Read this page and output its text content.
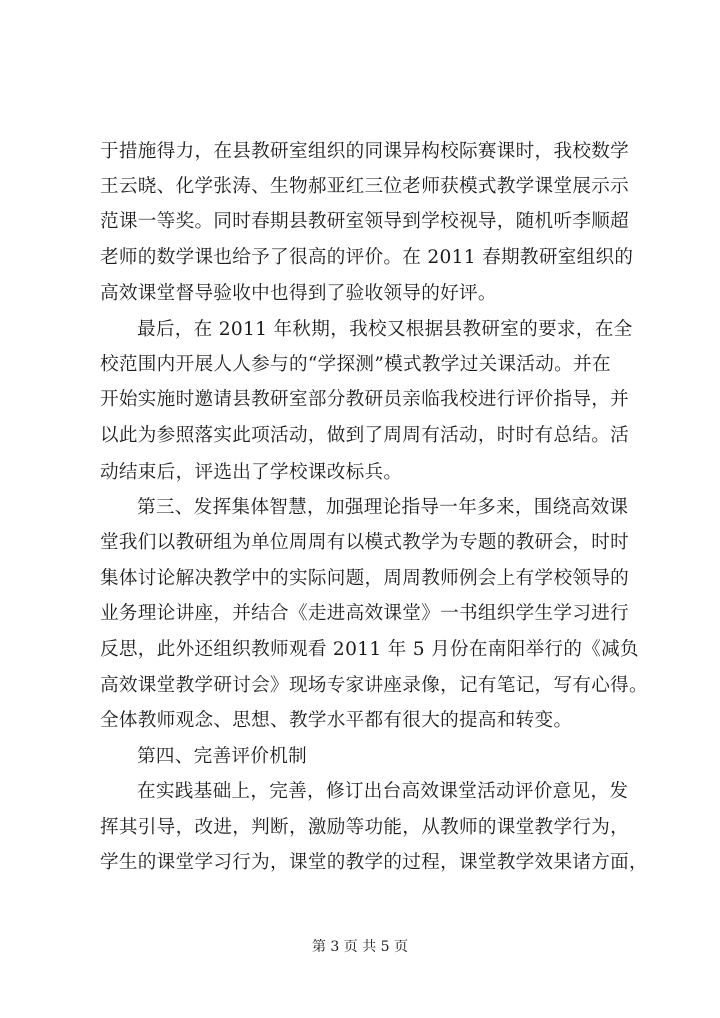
于措施得力，在县教研室组织的同课异构校际赛课时，我校数学
王云晓、化学张涛、生物郝亚红三位老师获模式教学课堂展示示
范课一等奖。同时春期县教研室领导到学校视导，随机听李顺超
老师的数学课也给予了很高的评价。在 2011 春期教研室组织的
高效课堂督导验收中也得到了验收领导的好评。
最后，在 2011 年秋期，我校又根据县教研室的要求，在全
校范围内开展人人参与的“学探测”模式教学过关课活动。并在
开始实施时邀请县教研室部分教研员亲临我校进行评价指导，并
以此为参照落实此项活动，做到了周周有活动，时时有总结。活
动结束后，评选出了学校课改标兵。
第三、发挥集体智慧，加强理论指导一年多来，围绕高效课
堂我们以教研组为单位周周有以模式教学为专题的教研会，时时
集体讨论解决教学中的实际问题，周周教师例会上有学校领导的
业务理论讲座，并结合《走进高效课堂》一书组织学生学习进行
反思，此外还组织教师观看 2011 年 5 月份在南阳举行的《减负
高效课堂教学研讨会》现场专家讲座录像，记有笔记，写有心得。
全体教师观念、思想、教学水平都有很大的提高和转变。
第四、完善评价机制
在实践基础上，完善，修订出台高效课堂活动评价意见，发
挥其引导，改进，判断，激励等功能，从教师的课堂教学行为，
学生的课堂学习行为，课堂的教学的过程，课堂教学效果诸方面，
第 3 页 共 5 页
